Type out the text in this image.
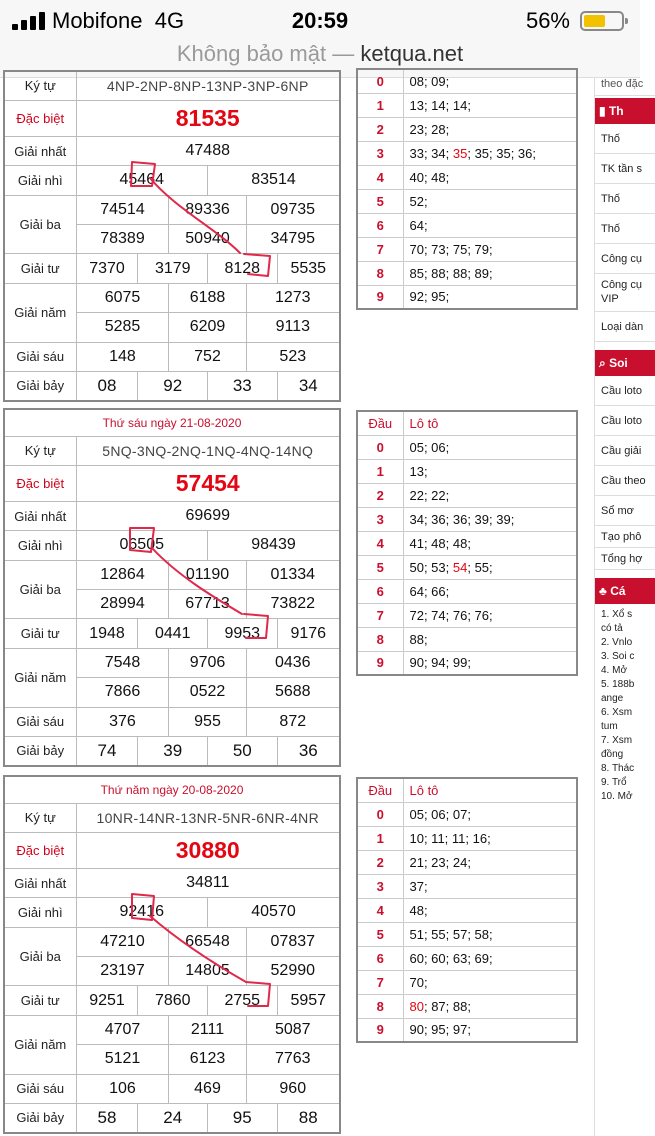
Mobifone 4G	20:59	56%
Không bảo mật — ketqua.net
Ký tự	4NP-2NP-8NP-13NP-3NP-6NP					
Đặc biệt	81535					
Giải nhất	47488					
Giải nhì	45464			83514		
Giải ba	74514		89336		09735	
	78389		50940		34795	
Giải tư	7370	3179		8128		5535
Giải năm	6075		6188		1273	
	5285		6209		9113	
Giải sáu	148		752		523	
Giải bảy	08	92		33		34
0	08; 09;
1	13; 14; 14;
2	23; 28;
3	33; 34; 35; 35; 35; 36;
4	40; 48;
5	52;
6	64;
7	70; 73; 75; 79;
8	85; 88; 88; 89;
9	92; 95;
Thứ sáu ngày 21-08-2020						
Ký tự	5NQ-3NQ-2NQ-1NQ-4NQ-14NQ					
Đặc biệt	57454					
Giải nhất	69699					
Giải nhì	06505			98439		
Giải ba	12864		01190		01334	
	28994		67713		73822	
Giải tư	1948	0441		9953		9176
Giải năm	7548		9706		0436	
	7866		0522		5688	
Giải sáu	376		955		872	
Giải bảy	74	39		50		36
Đầu	Lô tô
0	05; 06;
1	13;
2	22; 22;
3	34; 36; 36; 39; 39;
4	41; 48; 48;
5	50; 53; 54; 55;
6	64; 66;
7	72; 74; 76; 76;
8	88;
9	90; 94; 99;
Thứ năm ngày 20-08-2020						
Ký tự	10NR-14NR-13NR-5NR-6NR-4NR					
Đặc biệt	30880					
Giải nhất	34811					
Giải nhì	92416			40570		
Giải ba	47210		66548		07837	
	23197		14805		52990	
Giải tư	9251	7860		2755		5957
Giải năm	4707		2111		5087	
	5121		6123		7763	
Giải sáu	106		469		960	
Giải bảy	58	24		95		88
Đầu	Lô tô
0	05; 06; 07;
1	10; 11; 11; 16;
2	21; 23; 24;
3	37;
4	48;
5	51; 55; 57; 58;
6	60; 60; 63; 69;
7	70;
8	80; 87; 88;
9	90; 95; 97;
theo đặc
▮ Th
Thố
TK tần s
Thố
Thố
Công cụ
Công cụ VIP
Loại dàn
⌕ Soi
Cầu loto
Cầu loto
Cầu giải
Cầu theo
Sổ mơ
Tạo phô
Tổng hợ
♣ Cá
1. Xổ s
có tả
2. Vnlo
3. Soi c
4. Mở
5. 188b
ange
6. Xsm
tum
7. Xsm
đồng
8. Thác
9. Trổ
10. Mở
